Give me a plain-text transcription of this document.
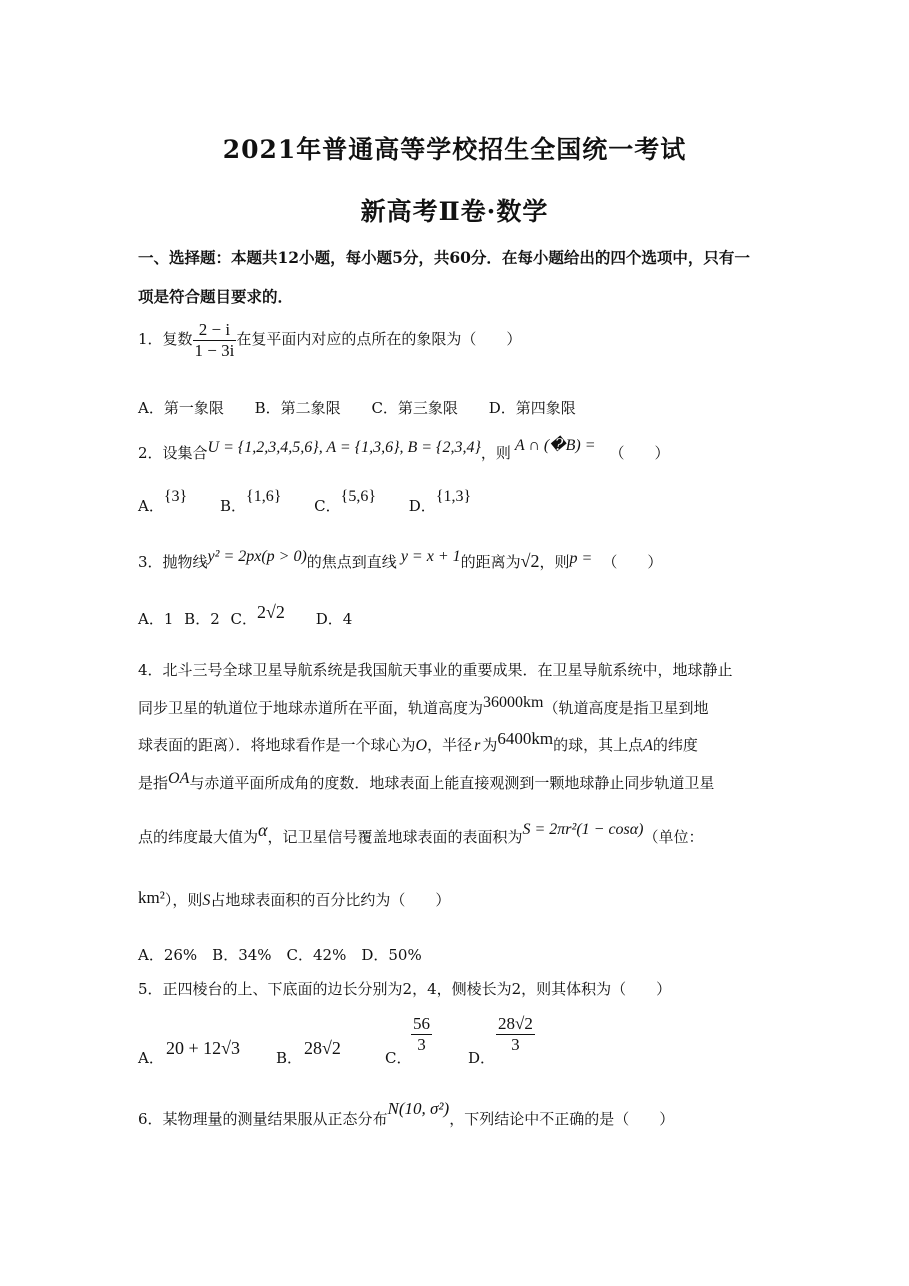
2021年普通高等学校招生全国统一考试
新高考Ⅱ卷·数学
一、选择题：本题共12小题，每小题5分，共60分．在每小题给出的四个选项中，只有一
项是符合题目要求的．
1．复数 $\frac{2 - i}{1 - 3i}$ 在复平面内对应的点所在的象限为（　　）
A．第一象限 B．第二象限 C．第三象限 D．第四象限
2．设集合U = {1,2,3,4,5,6}, A = {1,3,6}, B = {2,3,4}，则 A ∩ (�B) = （　　）
A．{3} B．{1,6} C．{5,6} D．{1,3}
3．抛物线y² = 2px(p > 0)的焦点到直线 y = x + 1的距离为√2，则p = （　　）
A．1 B．2 C．2√2 D．4
4．北斗三号全球卫星导航系统是我国航天事业的重要成果．在卫星导航系统中，地球静止
同步卫星的轨道位于地球赤道所在平面，轨道高度为36000km（轨道高度是指卫星到地
球表面的距离）．将地球看作是一个球心为O，半径 r 为6400km的球，其上点A的纬度
是指OA与赤道平面所成角的度数．地球表面上能直接观测到一颗地球静止同步轨道卫星
点的纬度最大值为α，记卫星信号覆盖地球表面的表面积为S = 2πr²(1 − cosα)（单位：
km²），则S占地球表面积的百分比约为（　　）
A．26%　B．34%　C．42%　D．50%
5．正四棱台的上、下底面的边长分别为2，4，侧棱长为2，则其体积为（　　）
A． 20 + 12√3 B． 28√2	C．
$\frac{56}{3}$
D．
$\frac{28√2}{3}$
6．某物理量的测量结果服从正态分布N(10, σ²)，下列结论中不正确的是（　　）
